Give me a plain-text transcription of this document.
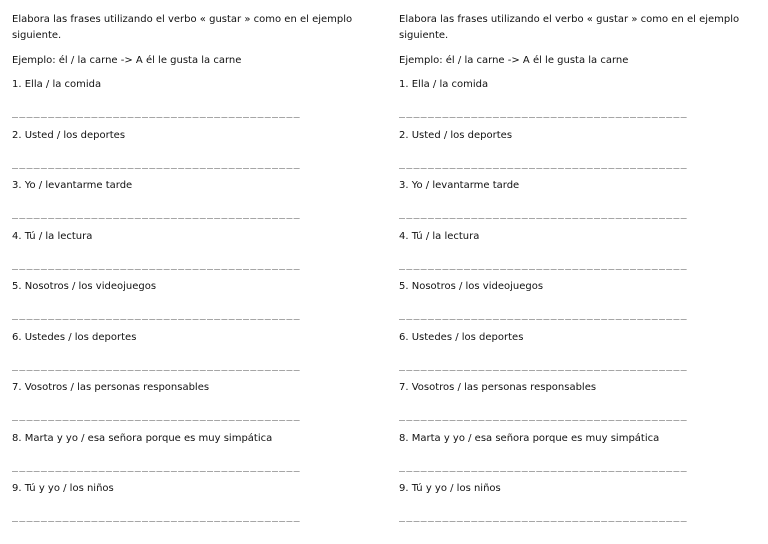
Elabora las frases utilizando el verbo « gustar » como en el ejemplo siguiente.

Ejemplo: él / la carne -> A él le gusta la carne
1. Ella / la comida
________________________________________
2. Usted / los deportes
________________________________________
3. Yo / levantarme tarde
________________________________________
4. Tú / la lectura
________________________________________
5. Nosotros / los videojuegos
________________________________________
6. Ustedes / los deportes
________________________________________
7. Vosotros / las personas responsables
________________________________________
8. Marta y yo / esa señora porque es muy simpática
________________________________________
9. Tú y yo / los niños
________________________________________

Elabora las frases utilizando el verbo « gustar » como en el ejemplo siguiente.

Ejemplo: él / la carne -> A él le gusta la carne
1. Ella / la comida
________________________________________
2. Usted / los deportes
________________________________________
3. Yo / levantarme tarde
________________________________________
4. Tú / la lectura
________________________________________
5. Nosotros / los videojuegos
________________________________________
6. Ustedes / los deportes
________________________________________
7. Vosotros / las personas responsables
________________________________________
8. Marta y yo / esa señora porque es muy simpática
________________________________________
9. Tú y yo / los niños
________________________________________
